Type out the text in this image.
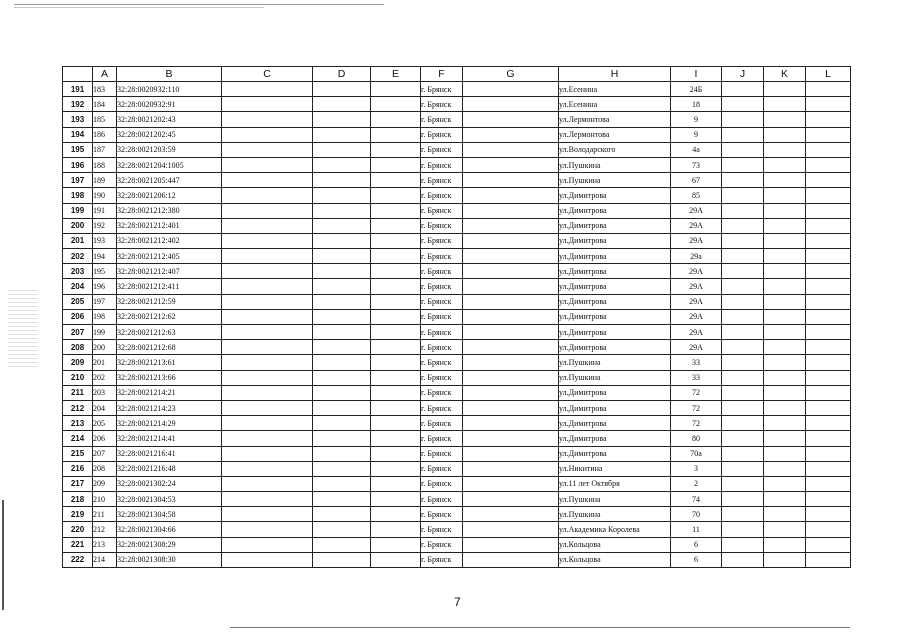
	A	B	C	D	E	F	G	H	I	J	K	L
191	183	32:28:0020932:110				г. Брянск		ул.Есенина	24Б			
192	184	32:28:0020932:91				г. Брянск		ул.Есенина	18			
193	185	32:28:0021202:43				г. Брянск		ул.Лермонтова	9			
194	186	32:28:0021202:45				г. Брянск		ул.Лермонтова	9			
195	187	32:28:0021203:59				г. Брянск		ул.Володарского	4а			
196	188	32:28:0021204:1005				г. Брянск		ул.Пушкина	73			
197	189	32:28:0021205:447				г. Брянск		ул.Пушкина	67			
198	190	32:28:0021206:12				г. Брянск		ул.Димитрова	85			
199	191	32:28:0021212:380				г. Брянск		ул.Димитрова	29А			
200	192	32:28:0021212:401				г. Брянск		ул.Димитрова	29А			
201	193	32:28:0021212:402				г. Брянск		ул.Димитрова	29А			
202	194	32:28:0021212:405				г. Брянск		ул.Димитрова	29а			
203	195	32:28:0021212:407				г. Брянск		ул.Димитрова	29А			
204	196	32:28:0021212:411				г. Брянск		ул.Димитрова	29А			
205	197	32:28:0021212:59				г. Брянск		ул.Димитрова	29А			
206	198	32:28:0021212:62				г. Брянск		ул.Димитрова	29А			
207	199	32:28:0021212:63				г. Брянск		ул.Димитрова	29А			
208	200	32:28:0021212:68				г. Брянск		ул.Димитрова	29А			
209	201	32:28:0021213:61				г. Брянск		ул.Пушкина	33			
210	202	32:28:0021213:66				г. Брянск		ул.Пушкина	33			
211	203	32:28:0021214:21				г. Брянск		ул.Димитрова	72			
212	204	32:28:0021214:23				г. Брянск		ул.Димитрова	72			
213	205	32:28:0021214:29				г. Брянск		ул.Димитрова	72			
214	206	32:28:0021214:41				г. Брянск		ул.Димитрова	80			
215	207	32:28:0021216:41				г. Брянск		ул.Димитрова	70а			
216	208	32:28:0021216:48				г. Брянск		ул.Никитина	3			
217	209	32:28:0021302:24				г. Брянск		ул.11 лет Октября	2			
218	210	32:28:0021304:53				г. Брянск		ул.Пушкина	74			
219	211	32:28:0021304:58				г. Брянск		ул.Пушкина	70			
220	212	32:28:0021304:66				г. Брянск		ул.Академика Королева	11			
221	213	32:28:0021308:29				г. Брянск		ул.Кольцова	6			
222	214	32:28:0021308:30				г. Брянск		ул.Кольцова	6			
7
